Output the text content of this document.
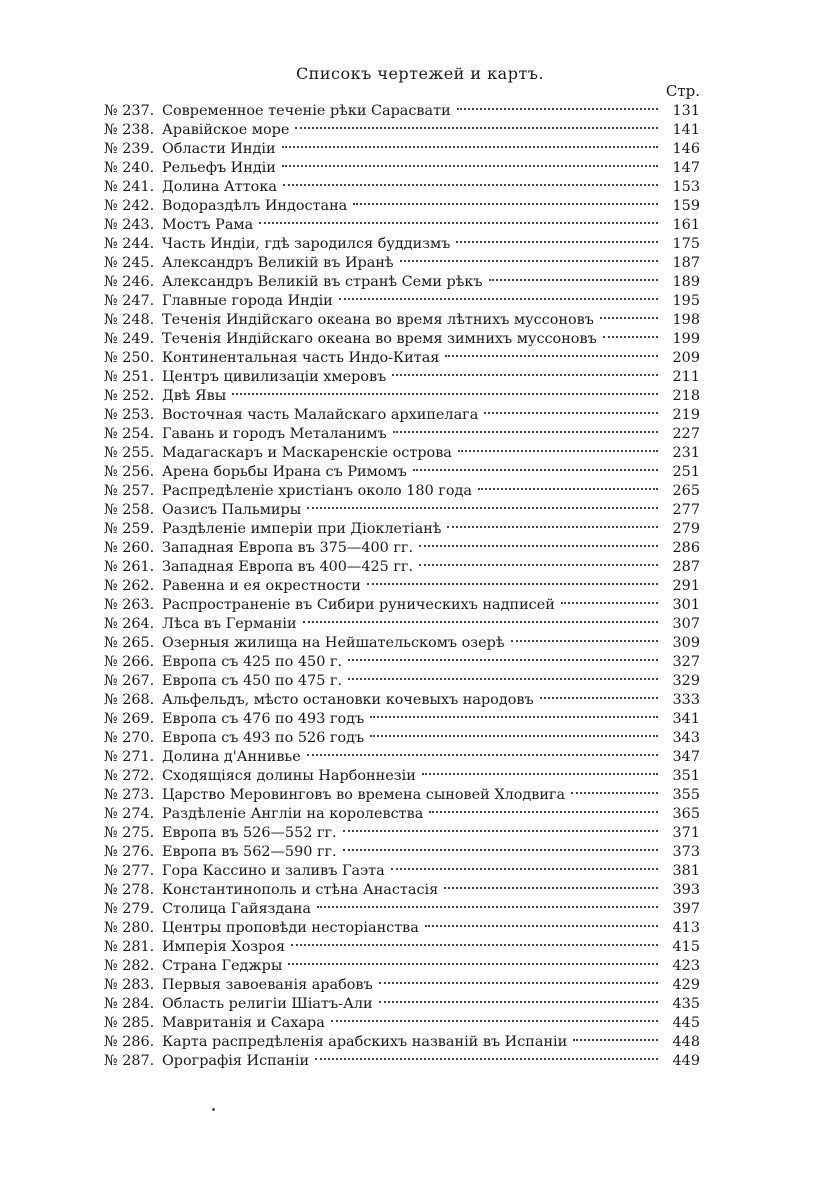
Списокъ чертежей и картъ.
Стр.
№ 237. Современное теченіе рѣки Сарасвати	131
№ 238. Аравійское море	141
№ 239. Области Индіи	146
№ 240. Рельефъ Индіи	147
№ 241. Долина Аттока	153
№ 242. Водораздѣлъ Индостана	159
№ 243. Мостъ Рама	161
№ 244. Часть Индіи, гдѣ зародился буддизмъ	175
№ 245. Александръ Великій въ Иранѣ	187
№ 246. Александръ Великій въ странѣ Семи рѣкъ	189
№ 247. Главные города Индіи	195
№ 248. Теченія Индійскаго океана во время лѣтнихъ муссоновъ	198
№ 249. Теченія Индійскаго океана во время зимнихъ муссоновъ	199
№ 250. Континентальная часть Индо-Китая	209
№ 251. Центръ цивилизаціи хмеровъ	211
№ 252. Двѣ Явы	218
№ 253. Восточная часть Малайскаго архипелага	219
№ 254. Гавань и городъ Металанимъ	227
№ 255. Мадагаскаръ и Маскаренскіе острова	231
№ 256. Арена борьбы Ирана съ Римомъ	251
№ 257. Распредѣленіе христіанъ около 180 года	265
№ 258. Оазисъ Пальмиры	277
№ 259. Раздѣленіе имперіи при Діоклетіанѣ	279
№ 260. Западная Европа въ 375—400 гг.	286
№ 261. Западная Европа въ 400—425 гг.	287
№ 262. Равенна и ея окрестности	291
№ 263. Распространеніе въ Сибири руническихъ надписей	301
№ 264. Лѣса въ Германіи	307
№ 265. Озерныя жилища на Нейшательскомъ озерѣ	309
№ 266. Европа съ 425 по 450 г.	327
№ 267. Европа съ 450 по 475 г.	329
№ 268. Альфельдъ, мѣсто остановки кочевыхъ народовъ	333
№ 269. Европа съ 476 по 493 годъ	341
№ 270. Европа съ 493 по 526 годъ	343
№ 271. Долина д'Аннивье	347
№ 272. Сходящіяся долины Нарбоннезіи	351
№ 273. Царство Меровинговъ во времена сыновей Хлодвига	355
№ 274. Раздѣленіе Англіи на королевства	365
№ 275. Европа въ 526—552 гг.	371
№ 276. Европа въ 562—590 гг.	373
№ 277. Гора Кассино и заливъ Гаэта	381
№ 278. Константинополь и стѣна Анастасія	393
№ 279. Столица Гайяздана	397
№ 280. Центры проповѣди несторіанства	413
№ 281. Имперія Хозроя	415
№ 282. Страна Геджры	423
№ 283. Первыя завоеванія арабовъ	429
№ 284. Область религіи Шіатъ-Али	435
№ 285. Мавританія и Сахара	445
№ 286. Карта распредѣленія арабскихъ названій въ Испаніи	448
№ 287. Орографія Испаніи	449
